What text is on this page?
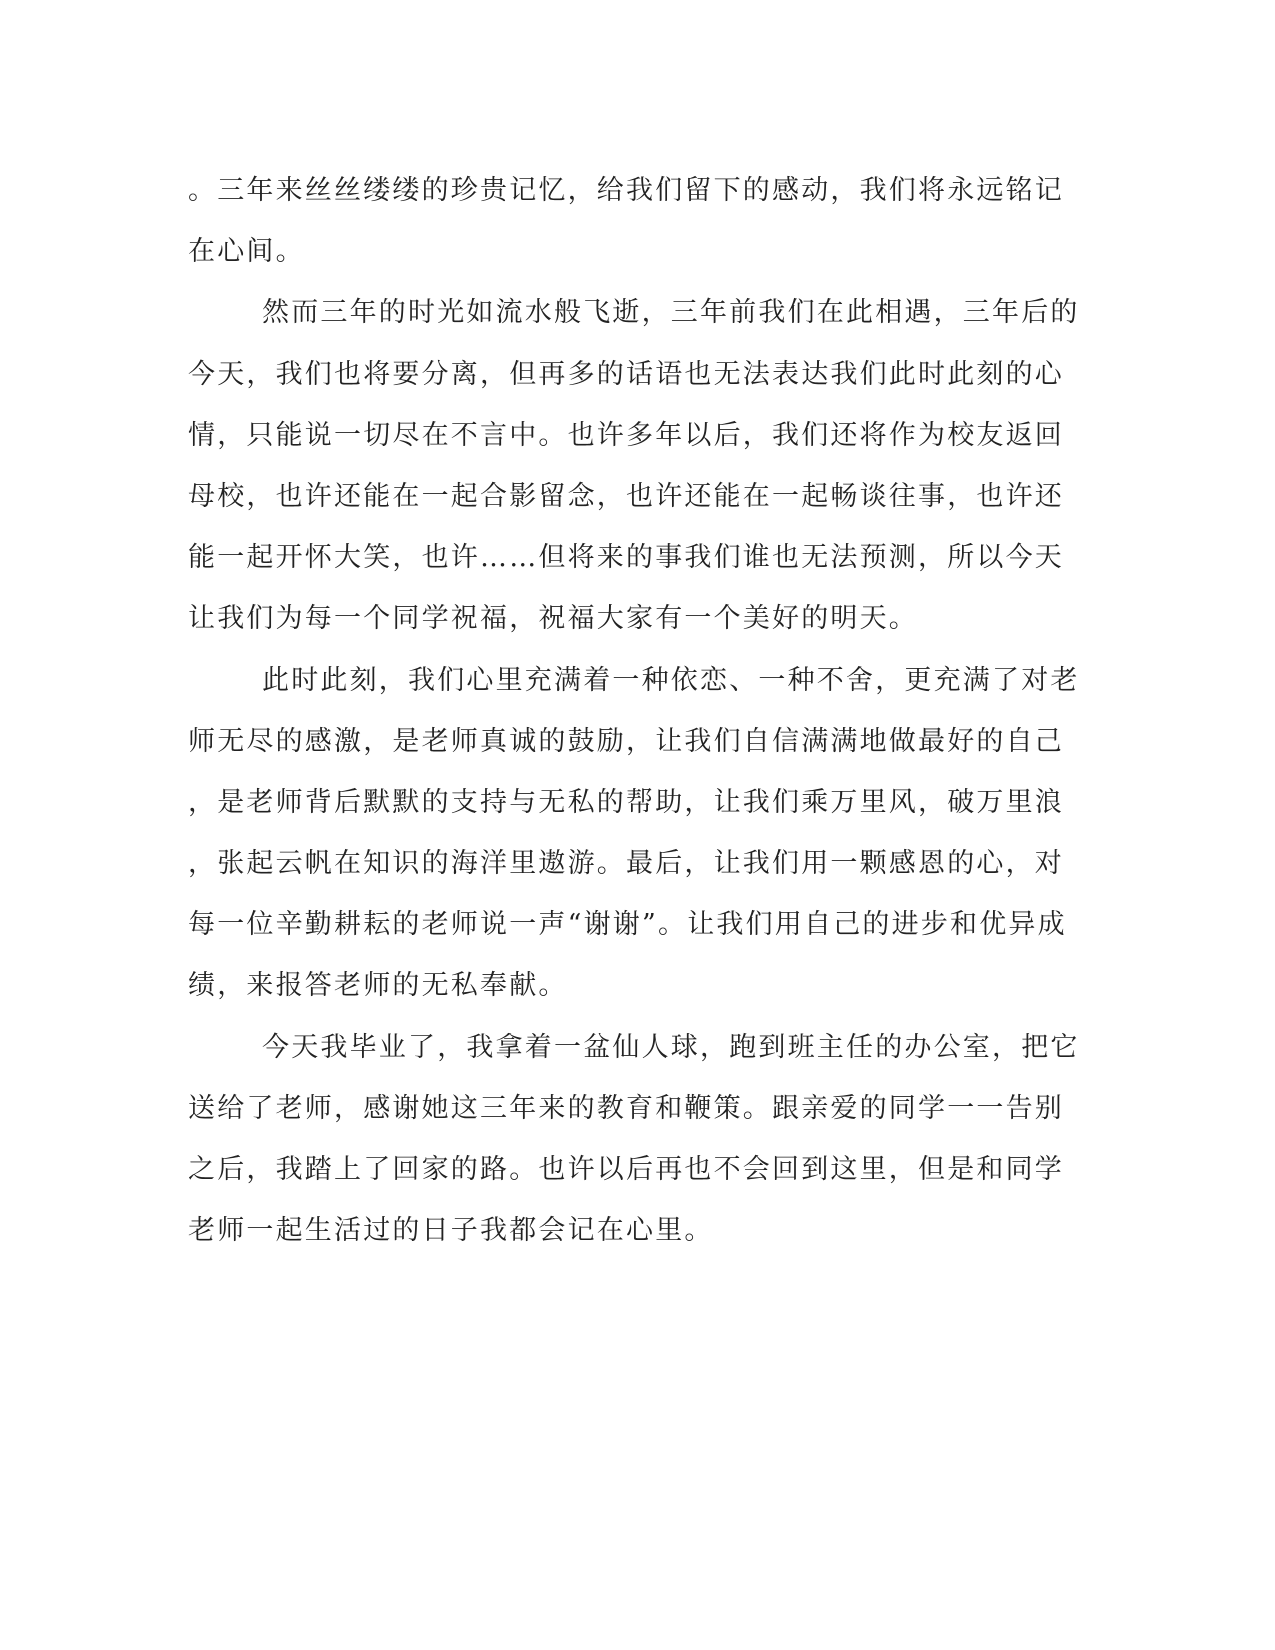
。三年来丝丝缕缕的珍贵记忆，给我们留下的感动，我们将永远铭记
在心间。
然而三年的时光如流水般飞逝，三年前我们在此相遇，三年后的
今天，我们也将要分离，但再多的话语也无法表达我们此时此刻的心
情，只能说一切尽在不言中。也许多年以后，我们还将作为校友返回
母校，也许还能在一起合影留念，也许还能在一起畅谈往事，也许还
能一起开怀大笑，也许……但将来的事我们谁也无法预测，所以今天
让我们为每一个同学祝福，祝福大家有一个美好的明天。
此时此刻，我们心里充满着一种依恋、一种不舍，更充满了对老
师无尽的感激，是老师真诚的鼓励，让我们自信满满地做最好的自己
，是老师背后默默的支持与无私的帮助，让我们乘万里风，破万里浪
，张起云帆在知识的海洋里遨游。最后，让我们用一颗感恩的心，对
每一位辛勤耕耘的老师说一声“谢谢”。让我们用自己的进步和优异成
绩，来报答老师的无私奉献。
今天我毕业了，我拿着一盆仙人球，跑到班主任的办公室，把它
送给了老师，感谢她这三年来的教育和鞭策。跟亲爱的同学一一告别
之后，我踏上了回家的路。也许以后再也不会回到这里，但是和同学
老师一起生活过的日子我都会记在心里。
